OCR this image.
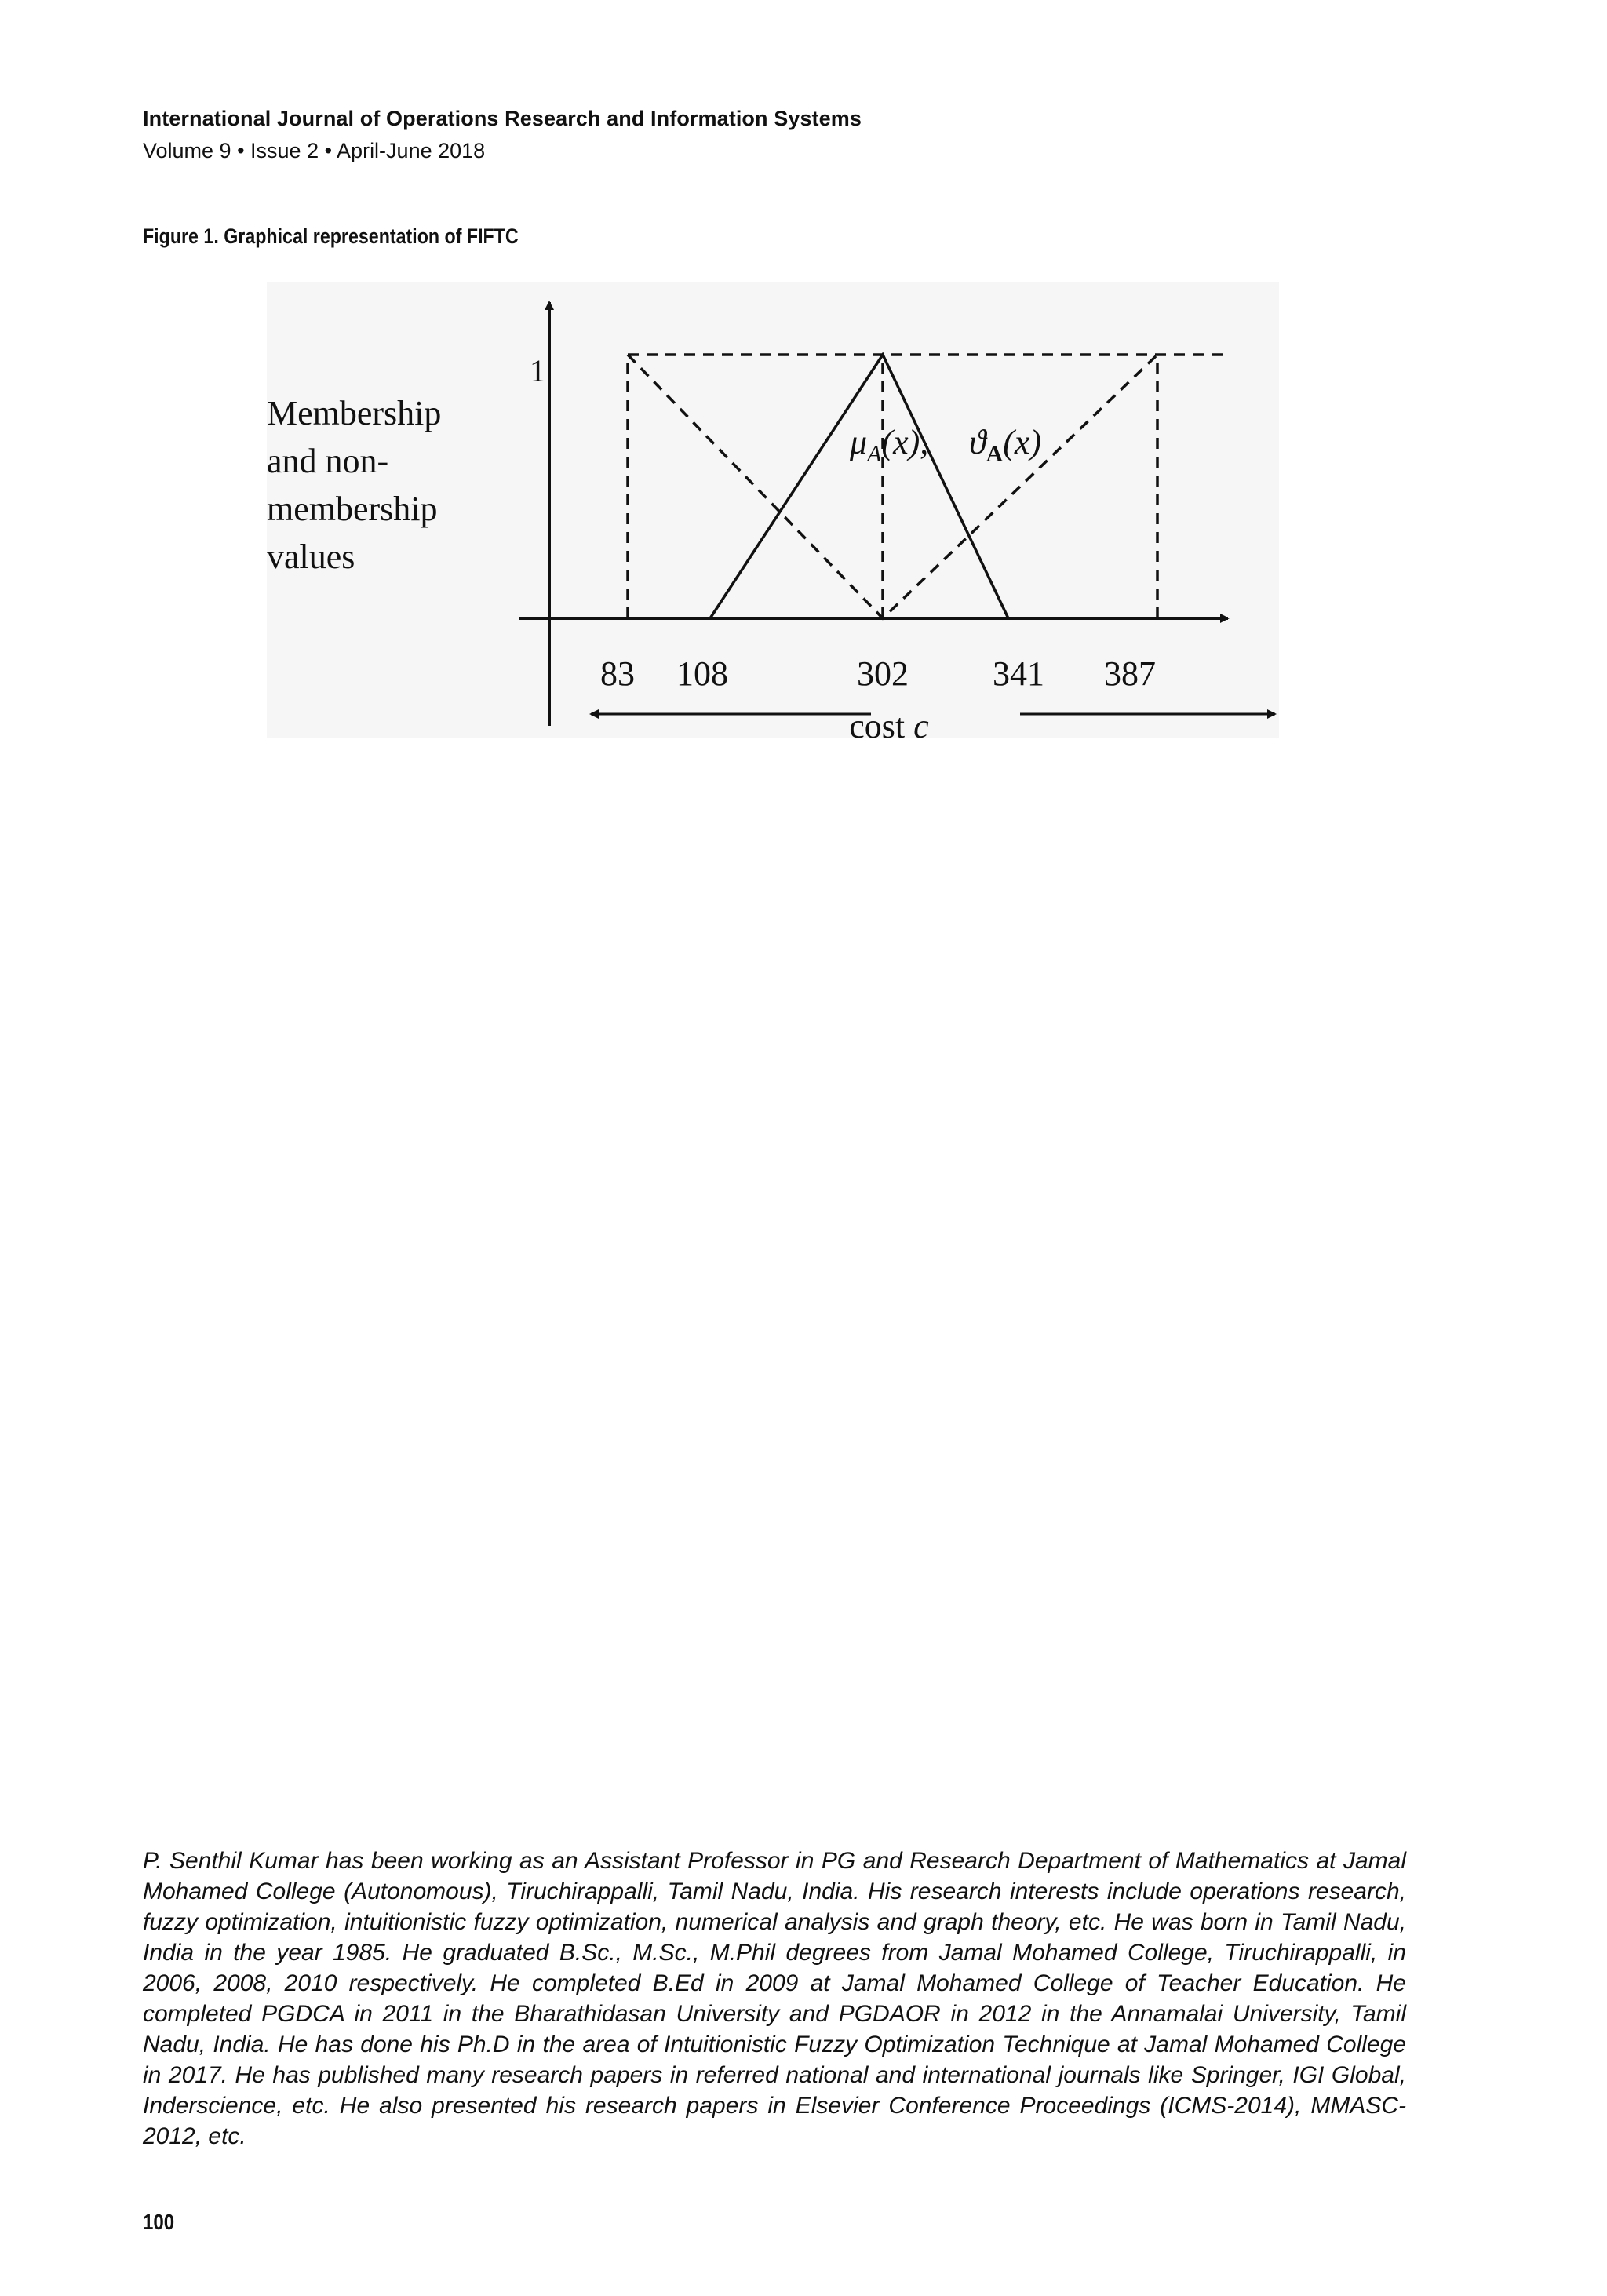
International Journal of Operations Research and Information Systems
Volume 9 • Issue 2 • April-June 2018
Figure 1. Graphical representation of FIFTC
Membership
and non-
membership
values
1
$\mu_A(x)$, $ϑ_A(x)$
cost c
83 108	302 341 387

P. Senthil Kumar has been working as an Assistant Professor in PG and Research Department of Mathematics at Jamal Mohamed College (Autonomous), Tiruchirappalli, Tamil Nadu, India. His research interests include operations research, fuzzy optimization, intuitionistic fuzzy optimization, numerical analysis and graph theory, etc. He was born in Tamil Nadu, India in the year 1985. He graduated B.Sc., M.Sc., M.Phil degrees from Jamal Mohamed College, Tiruchirappalli, in 2006, 2008, 2010 respectively. He completed B.Ed in 2009 at Jamal Mohamed College of Teacher Education. He completed PGDCA in 2011 in the Bharathidasan University and PGDAOR in 2012 in the Annamalai University, Tamil Nadu, India. He has done his Ph.D in the area of Intuitionistic Fuzzy Optimization Technique at Jamal Mohamed College in 2017. He has published many research papers in referred national and international journals like Springer, IGI Global, Inderscience, etc. He also presented his research papers in Elsevier Conference Proceedings (ICMS-2014), MMASC-2012, etc.

100
